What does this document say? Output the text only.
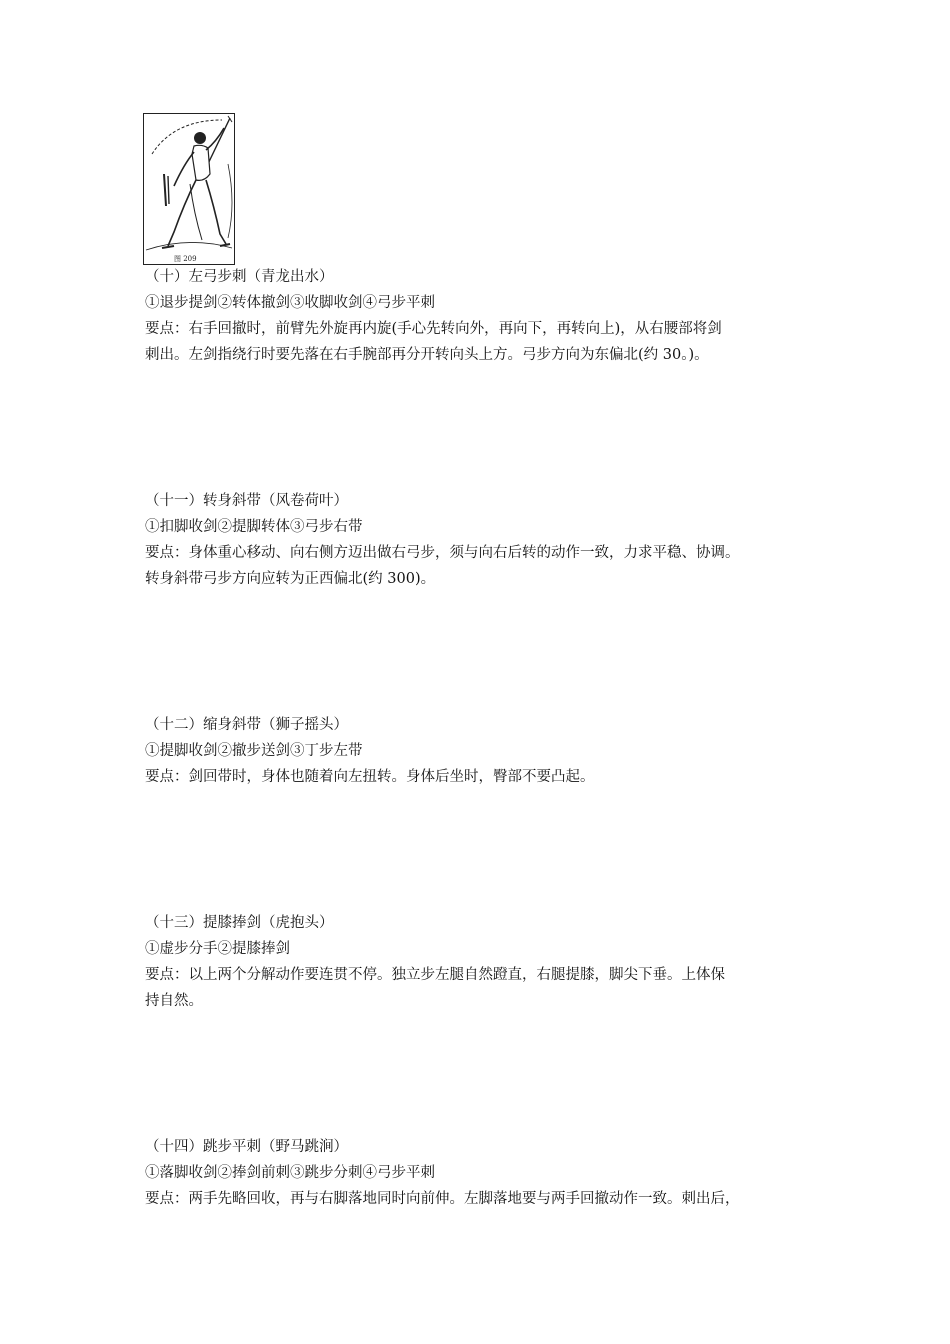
图 209

（十）左弓步刺（青龙出水）

①退步提剑②转体撤剑③收脚收剑④弓步平刺

要点：右手回撤时，前臂先外旋再内旋(手心先转向外，再向下，再转向上)，从右腰部将剑

刺出。左剑指绕行时要先落在右手腕部再分开转向头上方。弓步方向为东偏北(约 30。)。

（十一）转身斜带（风卷荷叶）

①扣脚收剑②提脚转体③弓步右带

要点：身体重心移动、向右侧方迈出做右弓步，须与向右后转的动作一致，力求平稳、协调。

转身斜带弓步方向应转为正西偏北(约 300)。

（十二）缩身斜带（狮子摇头）

①提脚收剑②撤步送剑③丁步左带

要点：剑回带时，身体也随着向左扭转。身体后坐时，臀部不要凸起。

（十三）提膝捧剑（虎抱头）

①虚步分手②提膝捧剑

要点：以上两个分解动作要连贯不停。独立步左腿自然蹬直，右腿提膝，脚尖下垂。上体保

持自然。

（十四）跳步平刺（野马跳涧）

①落脚收剑②捧剑前刺③跳步分刺④弓步平刺

要点：两手先略回收，再与右脚落地同时向前伸。左脚落地要与两手回撤动作一致。刺出后，
